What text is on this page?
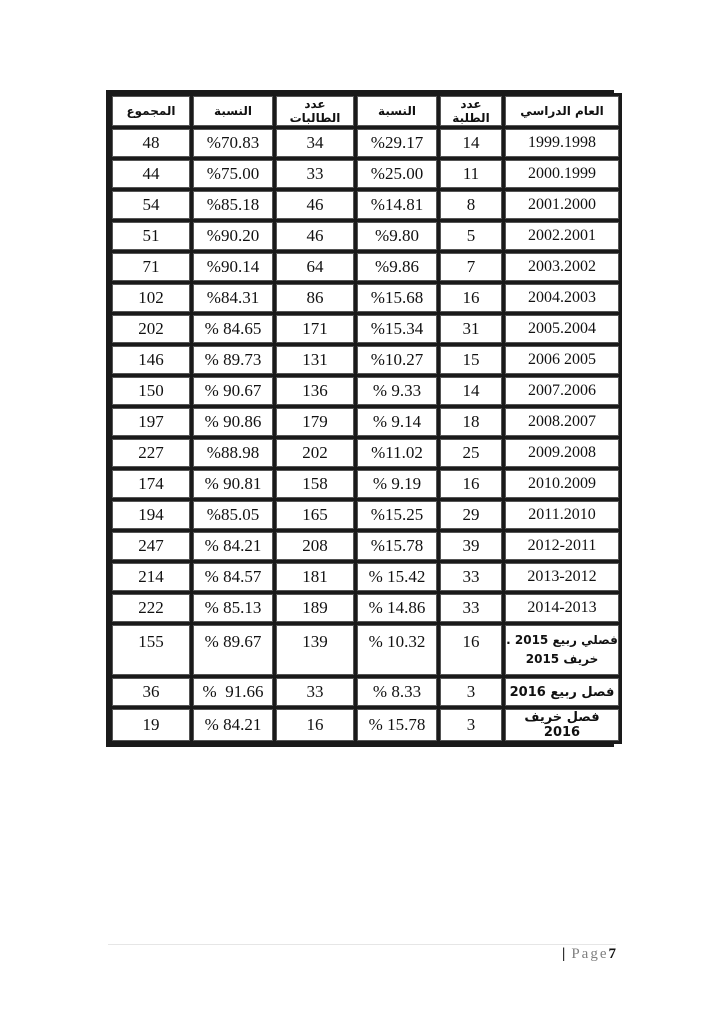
العام الدراسي	عدد الطلبة	النسبة	عدد الطالبات	النسبة	المجموع
1999.1998	14	%29.17	34	%70.83	48
2000.1999	11	%25.00	33	%75.00	44
2001.2000	8	%14.81	46	%85.18	54
2002.2001	5	%9.80	46	%90.20	51
2003.2002	7	%9.86	64	%90.14	71
2004.2003	16	%15.68	86	%84.31	102
2005.2004	31	%15.34	171	% 84.65	202
2006 2005	15	%10.27	131	% 89.73	146
2007.2006	14	% 9.33	136	% 90.67	150
2008.2007	18	% 9.14	179	% 90.86	197
2009.2008	25	%11.02	202	%88.98	227
2010.2009	16	% 9.19	158	% 90.81	174
2011.2010	29	%15.25	165	%85.05	194
2012-2011	39	%15.78	208	% 84.21	247
2013-2012	33	% 15.42	181	% 84.57	214
2014-2013	33	% 14.86	189	% 85.13	222

فصلي ربيع 2015 .
خريف 2015	16	% 10.32	139	% 89.67	155
فصل ربيع 2016	3	% 8.33	33	%  91.66	36
فصل خريف 2016	3	% 15.78	16	% 84.21	19
| Page 7
